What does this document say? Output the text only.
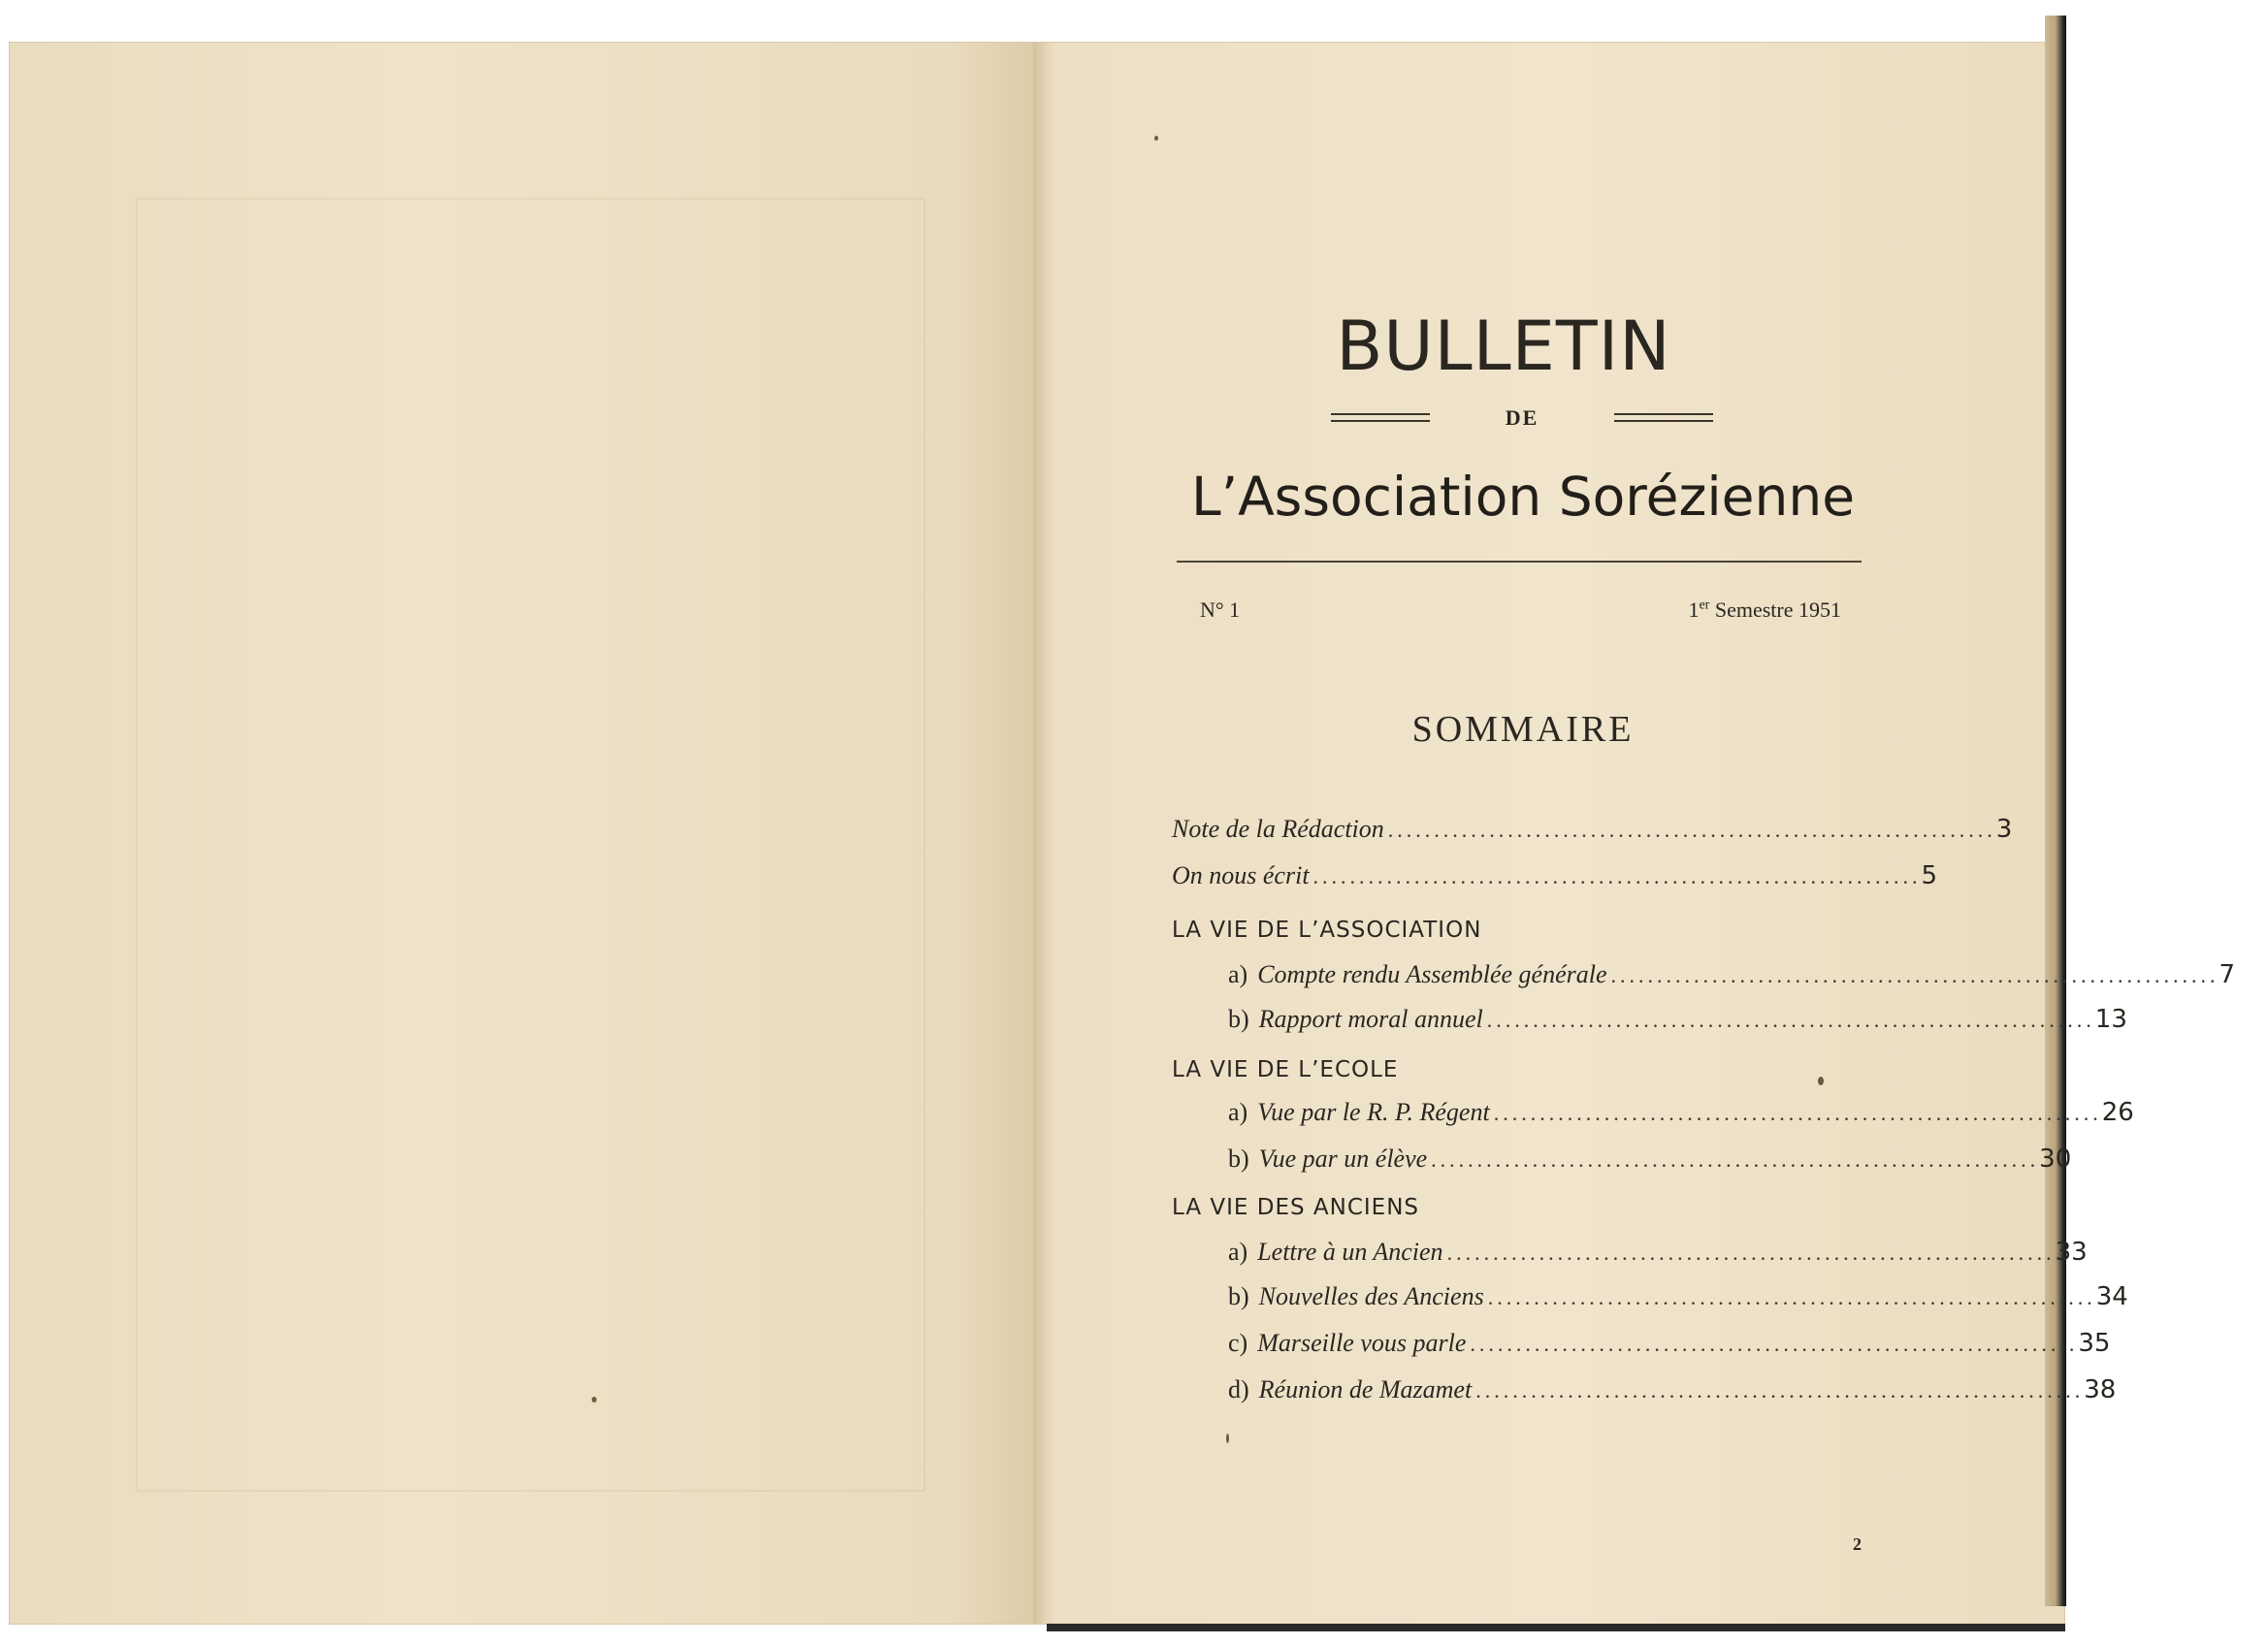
BULLETIN
DE
L’Association Sorézienne
N° 1	1er Semestre 1951
SOMMAIRE
Note de la Rédaction .................................................................. 3
On nous écrit .................................................................. 5
LA VIE DE L’ASSOCIATION
a) Compte rendu Assemblée générale .................................................................. 7
b) Rapport moral annuel .................................................................. 13
LA VIE DE L’ECOLE
a) Vue par le R. P. Régent .................................................................. 26
b) Vue par un élève .................................................................. 30
LA VIE DES ANCIENS
a) Lettre à un Ancien .................................................................. 33
b) Nouvelles des Anciens .................................................................. 34
c) Marseille vous parle .................................................................. 35
d) Réunion de Mazamet .................................................................. 38
2
